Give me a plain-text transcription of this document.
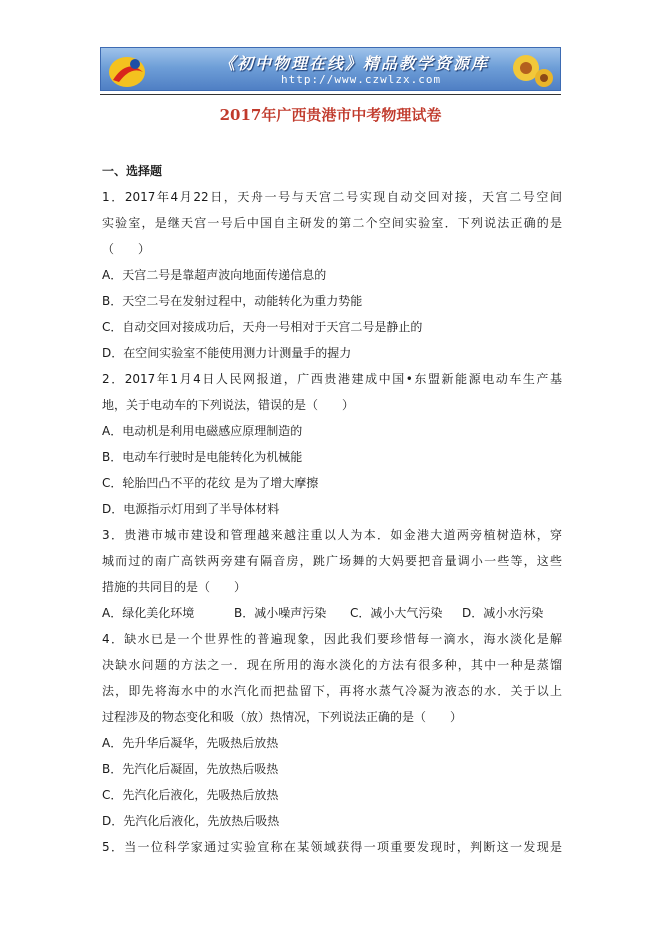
《初中物理在线》精品教学资源库
http://www.czwlzx.com
2017年广西贵港市中考物理试卷
一、选择题
1．2017年4月22日，天舟一号与天宫二号实现自动交回对接，天宫二号空间
实验室，是继天宫一号后中国自主研发的第二个空间实验室．下列说法正确的是
（　　）
A．天宫二号是靠超声波向地面传递信息的
B．天空二号在发射过程中，动能转化为重力势能
C．自动交回对接成功后，天舟一号相对于天宫二号是静止的
D．在空间实验室不能使用测力计测量手的握力
2．2017年1月4日人民网报道，广西贵港建成中国•东盟新能源电动车生产基
地，关于电动车的下列说法，错误的是（　　）
A．电动机是利用电磁感应原理制造的
B．电动车行驶时是电能转化为机械能
C．轮胎凹凸不平的花纹 是为了增大摩擦
D．电源指示灯用到了半导体材料
3．贵港市城市建设和管理越来越注重以人为本．如金港大道两旁植树造林，穿
城而过的南广高铁两旁建有隔音房，跳广场舞的大妈要把音量调小一些等，这些
措施的共同目的是（　　）
A．绿化美化环境	B．减小噪声污染	C．减小大气污染	D．减小水污染
4．缺水已是一个世界性的普遍现象，因此我们要珍惜每一滴水，海水淡化是解
决缺水问题的方法之一．现在所用的海水淡化的方法有很多种，其中一种是蒸馏
法，即先将海水中的水汽化而把盐留下，再将水蒸气冷凝为液态的水．关于以上
过程涉及的物态变化和吸（放）热情况，下列说法正确的是（　　）
A．先升华后凝华，先吸热后放热
B．先汽化后凝固，先放热后吸热
C．先汽化后液化，先吸热后放热
D．先汽化后液化，先放热后吸热
5．当一位科学家通过实验宣称在某领域获得一项重要发现时，判断这一发现是
